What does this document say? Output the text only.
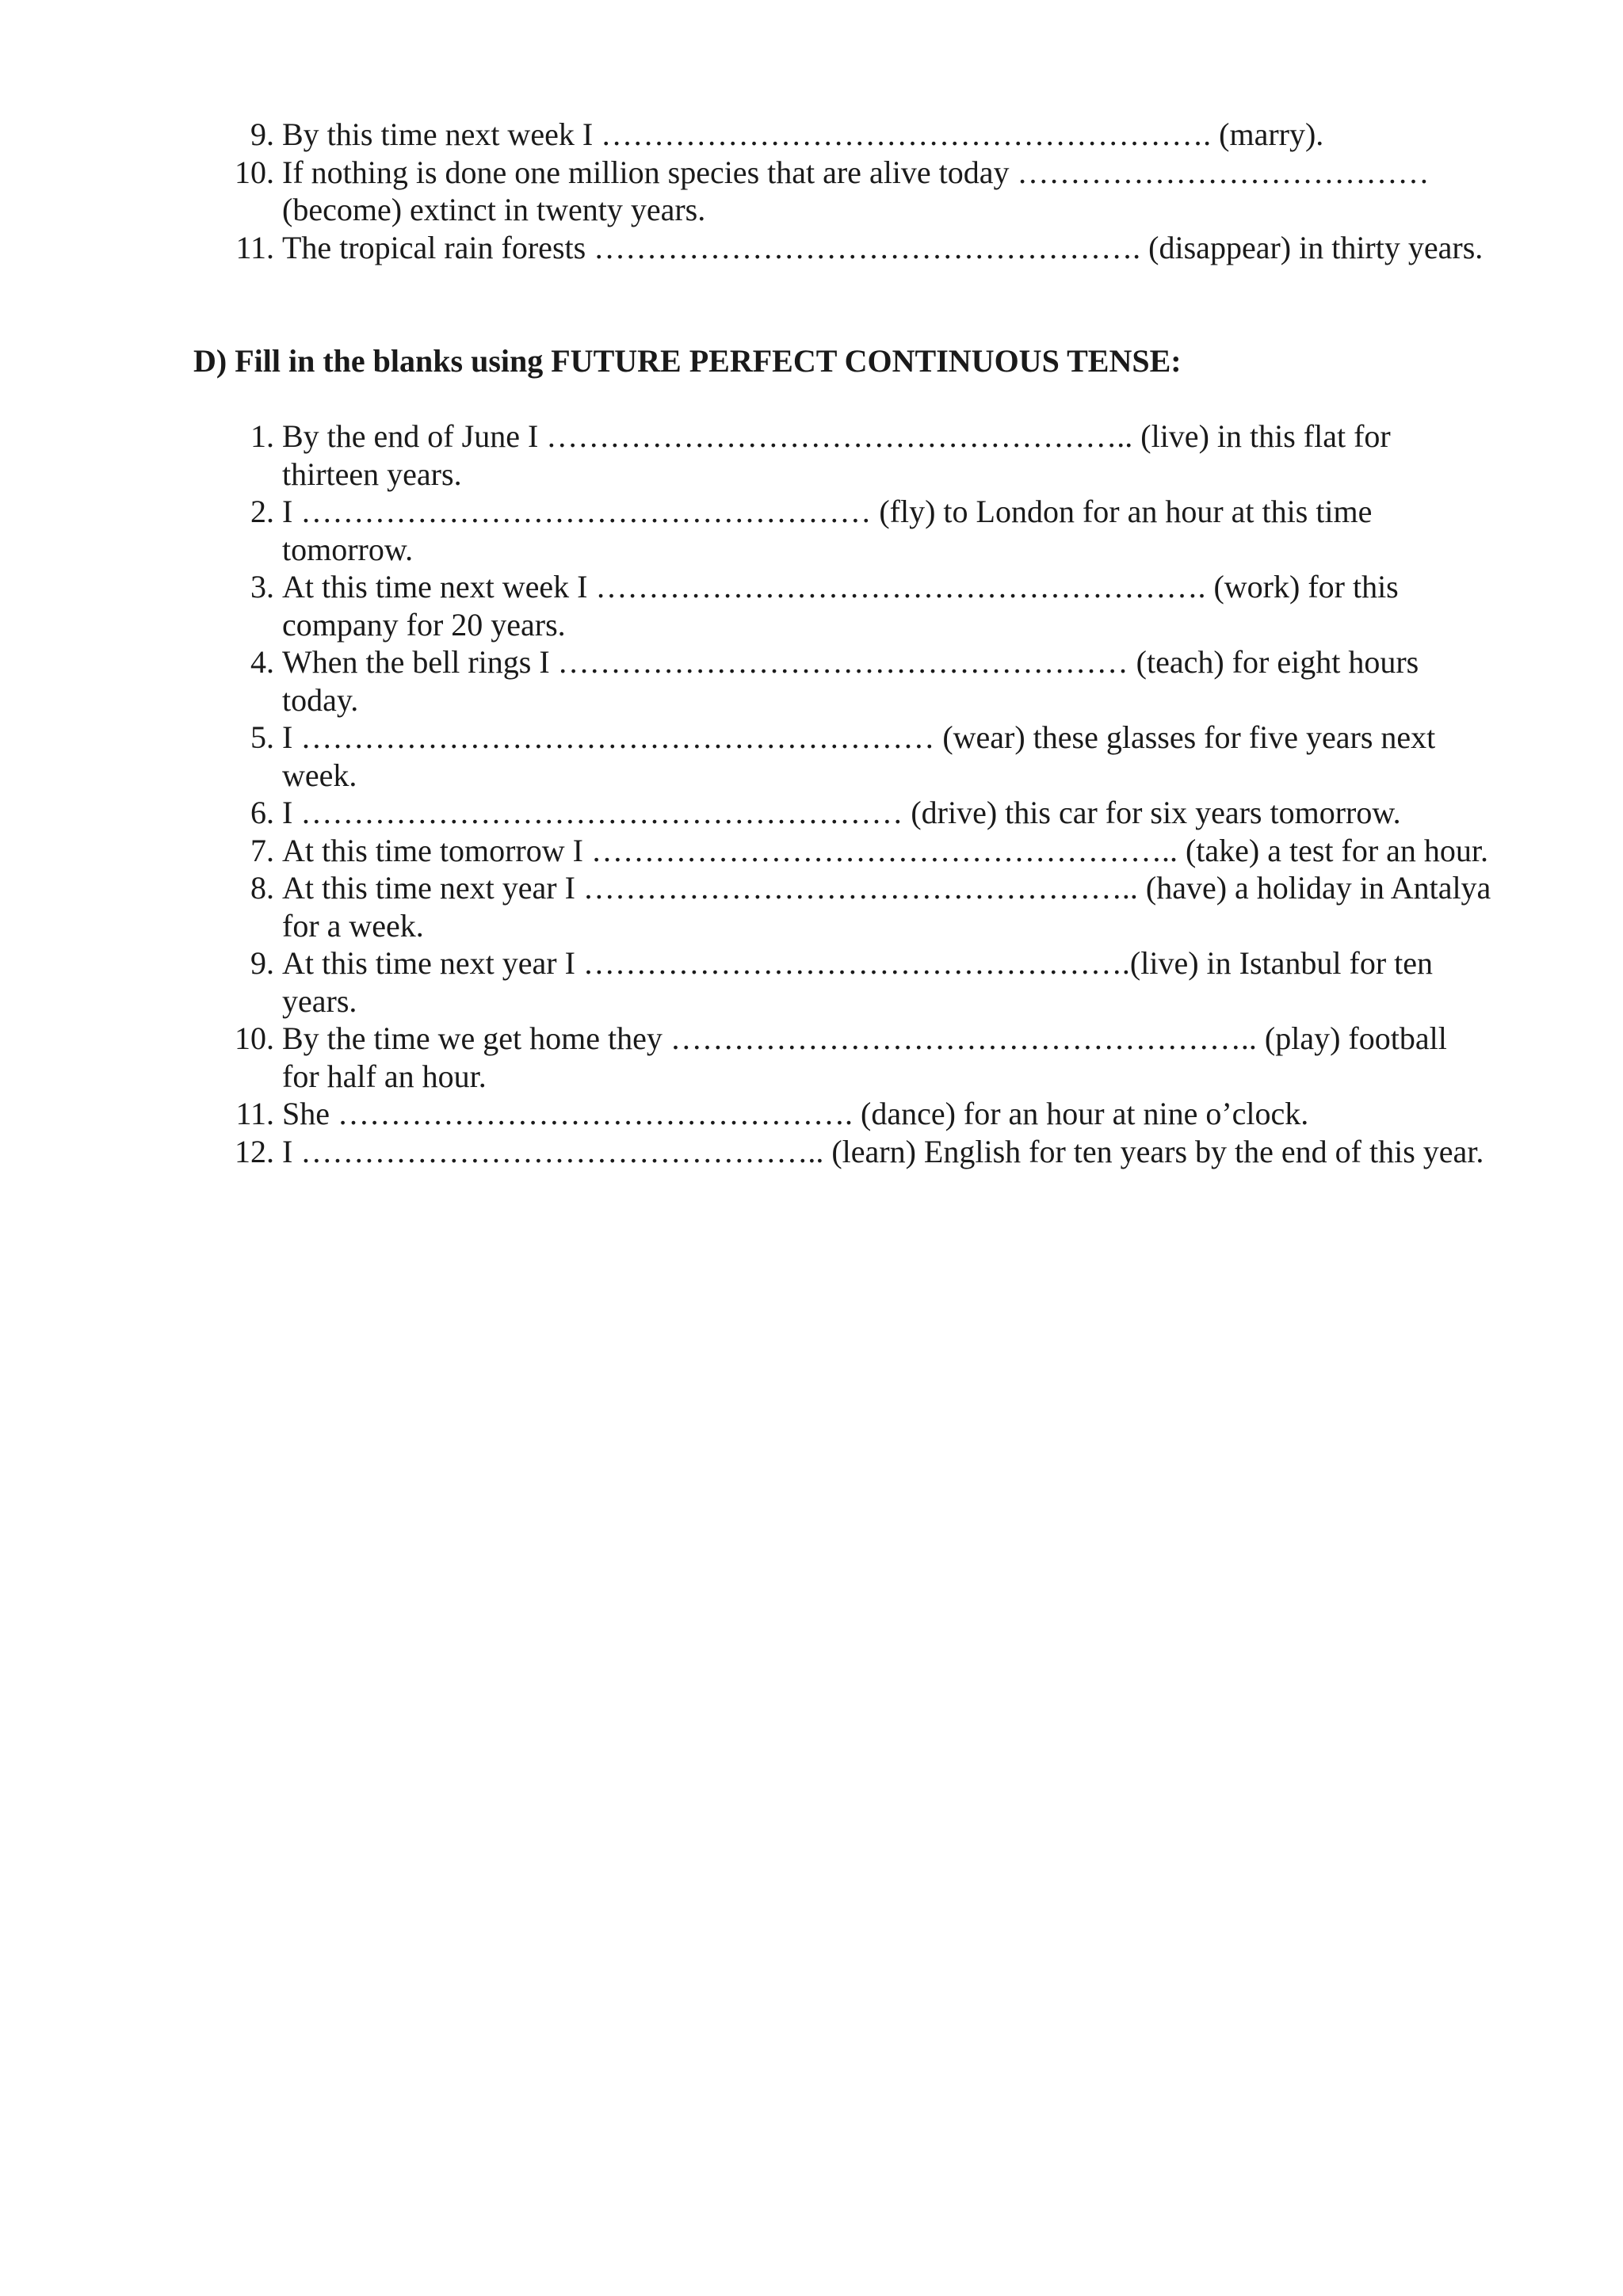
9. By this time next week I …………………………………………………. (marry).
10. If nothing is done one million species that are alive today ………………………………… (become) extinct in twenty years.
11. The tropical rain forests ……………………………………………. (disappear) in thirty years.
D) Fill in the blanks using FUTURE PERFECT CONTINUOUS TENSE:
1. By the end of June I ……………………………………………….. (live) in this flat for thirteen years.
2. I ……………………………………………… (fly) to London for an hour at this time tomorrow.
3. At this time next week I …………………………………………………. (work) for this company for 20 years.
4. When the bell rings I ……………………………………………… (teach) for eight hours today.
5. I …………………………………………………… (wear) these glasses for five years next week.
6. I ………………………………………………… (drive) this car for six years tomorrow.
7. At this time tomorrow I ……………………………………………….. (take) a test for an hour.
8. At this time next year I …………………………………………….. (have) a holiday in Antalya for a week.
9. At this time next year I …………………………………………….(live) in Istanbul for ten years.
10. By the time we get home they ……………………………………………….. (play) football for half an hour.
11. She …………………………………………. (dance) for an hour at nine o’clock.
12. I ………………………………………….. (learn) English for ten years by the end of this year.
